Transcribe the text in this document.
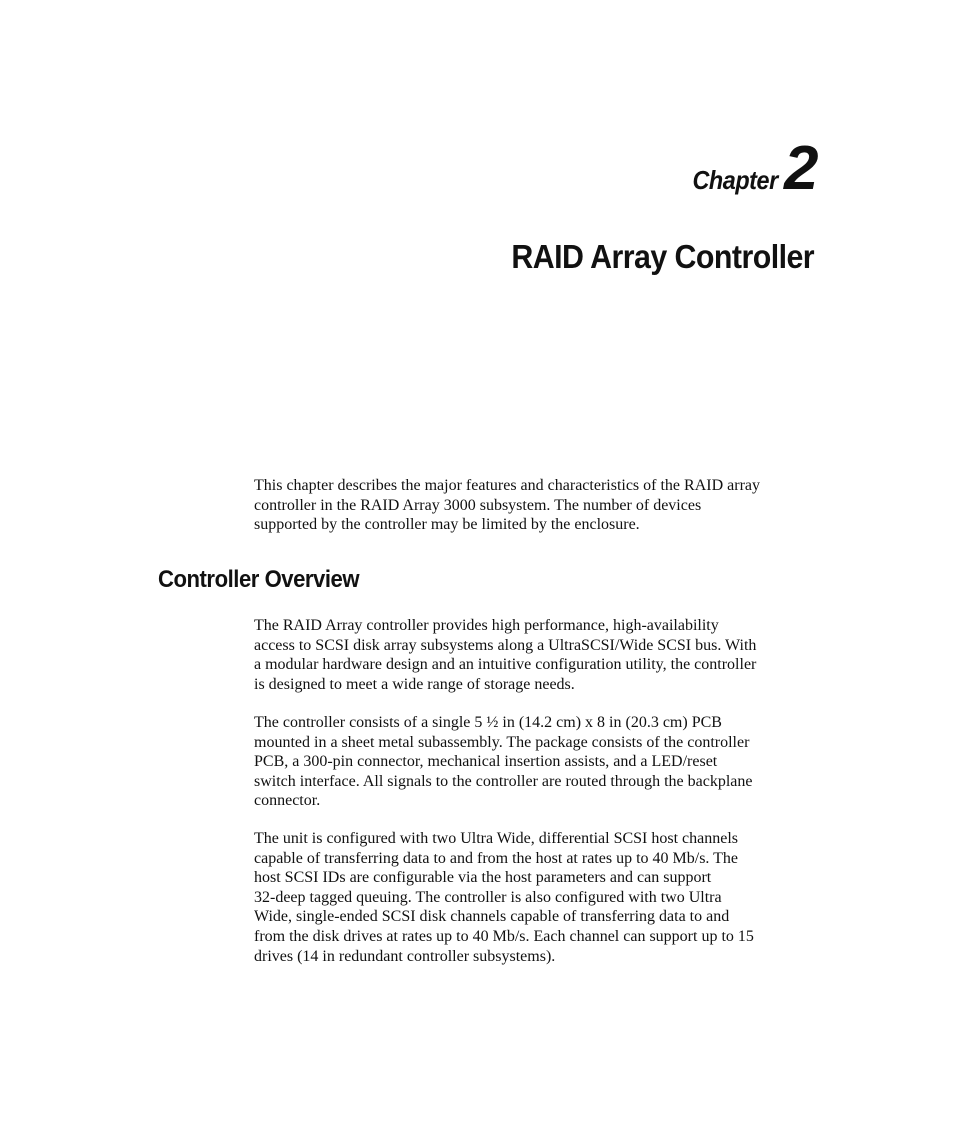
Chapter 2
RAID Array Controller

This chapter describes the major features and characteristics of the RAID array
controller in the RAID Array 3000 subsystem. The number of devices
supported by the controller may be limited by the enclosure.

Controller Overview

The RAID Array controller provides high performance, high-availability
access to SCSI disk array subsystems along a UltraSCSI/Wide SCSI bus. With
a modular hardware design and an intuitive configuration utility, the controller
is designed to meet a wide range of storage needs.

The controller consists of a single 5 ½ in (14.2 cm) x 8 in (20.3 cm) PCB
mounted in a sheet metal subassembly. The package consists of the controller
PCB, a 300-pin connector, mechanical insertion assists, and a LED/reset
switch interface. All signals to the controller are routed through the backplane
connector.

The unit is configured with two Ultra Wide, differential SCSI host channels
capable of transferring data to and from the host at rates up to 40 Mb/s. The
host SCSI IDs are configurable via the host parameters and can support
32-deep tagged queuing. The controller is also configured with two Ultra
Wide, single-ended SCSI disk channels capable of transferring data to and
from the disk drives at rates up to 40 Mb/s. Each channel can support up to 15
drives (14 in redundant controller subsystems).
